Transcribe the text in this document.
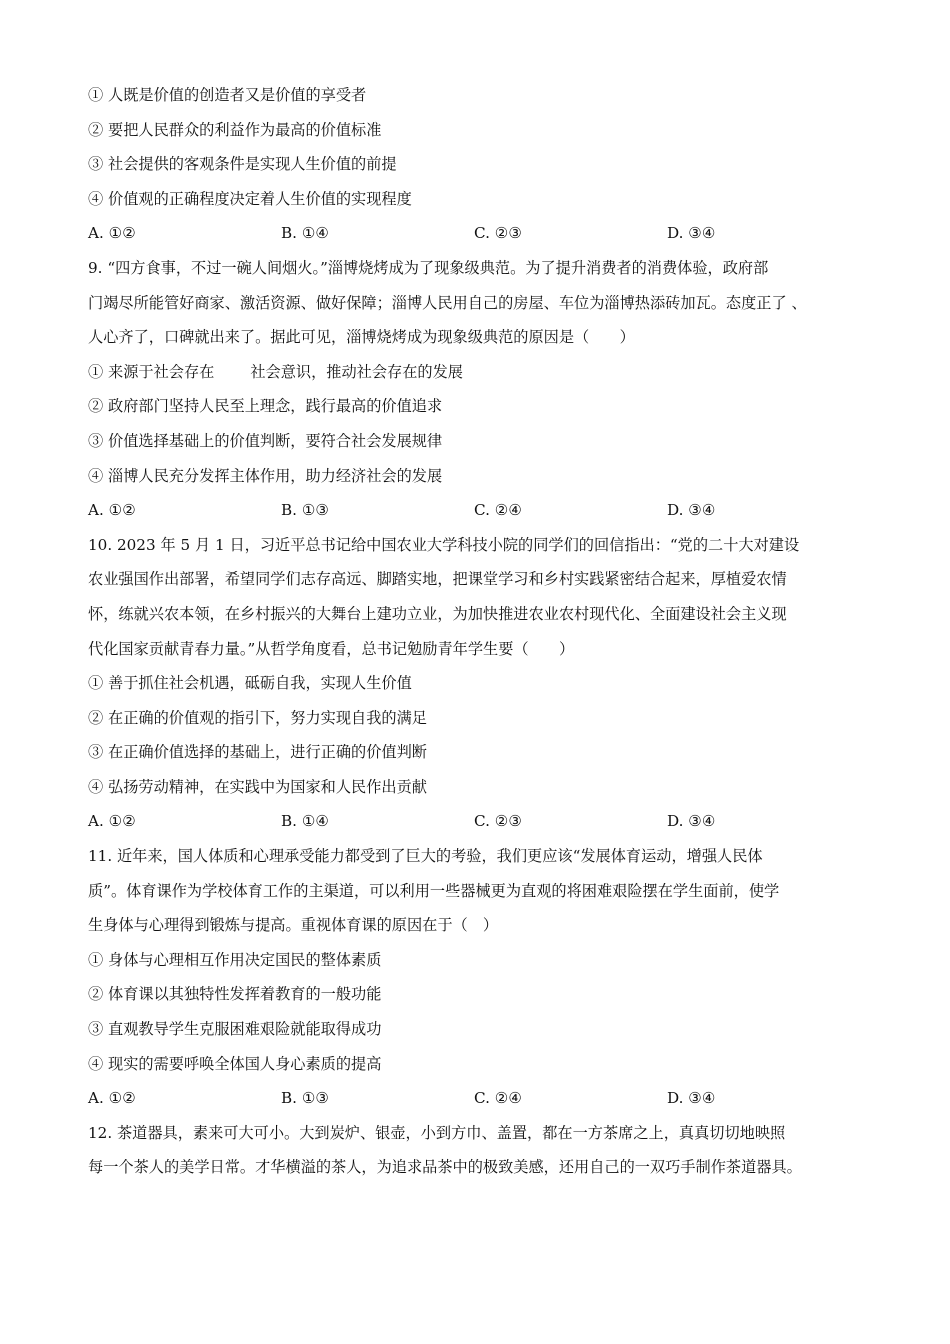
① 人既是价值的创造者又是价值的享受者
② 要把人民群众的利益作为最高的价值标准
③ 社会提供的客观条件是实现人生价值的前提
④ 价值观的正确程度决定着人生价值的实现程度
A. ①②	B. ①④	C. ②③	D. ③④
9. “四方食事，不过一碗人间烟火。”淄博烧烤成为了现象级典范。为了提升消费者的消费体验，政府部
门竭尽所能管好商家、激活资源、做好保障；淄博人民用自己的房屋、车位为淄博热添砖加瓦。态度正了 、
人心齐了，口碑就出来了。据此可见，淄博烧烤成为现象级典范的原因是（　　）
① 来源于社会存在 社会意识，推动社会存在的发展
② 政府部门坚持人民至上理念，践行最高的价值追求
③ 价值选择基础上的价值判断，要符合社会发展规律
④ 淄博人民充分发挥主体作用，助力经济社会的发展
A. ①②	B. ①③	C. ②④	D. ③④
10. 2023 年 5 月 1 日，习近平总书记给中国农业大学科技小院的同学们的回信指出：“党的二十大对建设
农业强国作出部署，希望同学们志存高远、脚踏实地，把课堂学习和乡村实践紧密结合起来，厚植爱农情
怀，练就兴农本领，在乡村振兴的大舞台上建功立业，为加快推进农业农村现代化、全面建设社会主义现
代化国家贡献青春力量。”从哲学角度看，总书记勉励青年学生要（　　）
① 善于抓住社会机遇，砥砺自我，实现人生价值
② 在正确的价值观的指引下，努力实现自我的满足
③ 在正确价值选择的基础上，进行正确的价值判断
④ 弘扬劳动精神，在实践中为国家和人民作出贡献
A. ①②	B. ①④	C. ②③	D. ③④
11. 近年来，国人体质和心理承受能力都受到了巨大的考验，我们更应该“发展体育运动，增强人民体
质”。体育课作为学校体育工作的主渠道，可以利用一些器械更为直观的将困难艰险摆在学生面前，使学
生身体与心理得到锻炼与提高。重视体育课的原因在于（　）
① 身体与心理相互作用决定国民的整体素质
② 体育课以其独特性发挥着教育的一般功能
③ 直观教导学生克服困难艰险就能取得成功
④ 现实的需要呼唤全体国人身心素质的提高
A. ①②	B. ①③	C. ②④	D. ③④
12. 茶道器具，素来可大可小。大到炭炉、银壶，小到方巾、盖置，都在一方茶席之上，真真切切地映照
每一个茶人的美学日常。才华横溢的茶人，为追求品茶中的极致美感，还用自己的一双巧手制作茶道器具。
